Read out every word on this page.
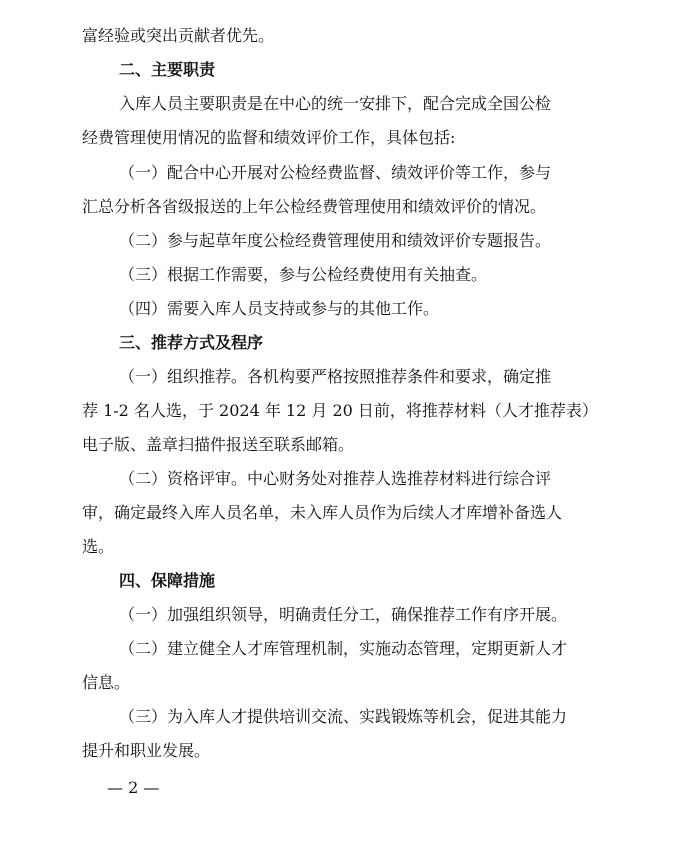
富经验或突出贡献者优先。
二、主要职责
入库人员主要职责是在中心的统一安排下，配合完成全国公检
经费管理使用情况的监督和绩效评价工作，具体包括:
（一）配合中心开展对公检经费监督、绩效评价等工作，参与
汇总分析各省级报送的上年公检经费管理使用和绩效评价的情况。
（二）参与起草年度公检经费管理使用和绩效评价专题报告。
（三）根据工作需要，参与公检经费使用有关抽查。
（四）需要入库人员支持或参与的其他工作。
三、推荐方式及程序
（一）组织推荐。各机构要严格按照推荐条件和要求，确定推
荐 1-2 名人选，于 2024 年 12 月 20 日前，将推荐材料（人才推荐表）
电子版、盖章扫描件报送至联系邮箱。
（二）资格评审。中心财务处对推荐人选推荐材料进行综合评
审，确定最终入库人员名单，未入库人员作为后续人才库增补备选人
选。
四、保障措施
（一）加强组织领导，明确责任分工，确保推荐工作有序开展。
（二）建立健全人才库管理机制，实施动态管理，定期更新人才
信息。
（三）为入库人才提供培训交流、实践锻炼等机会，促进其能力
提升和职业发展。
— 2 —
